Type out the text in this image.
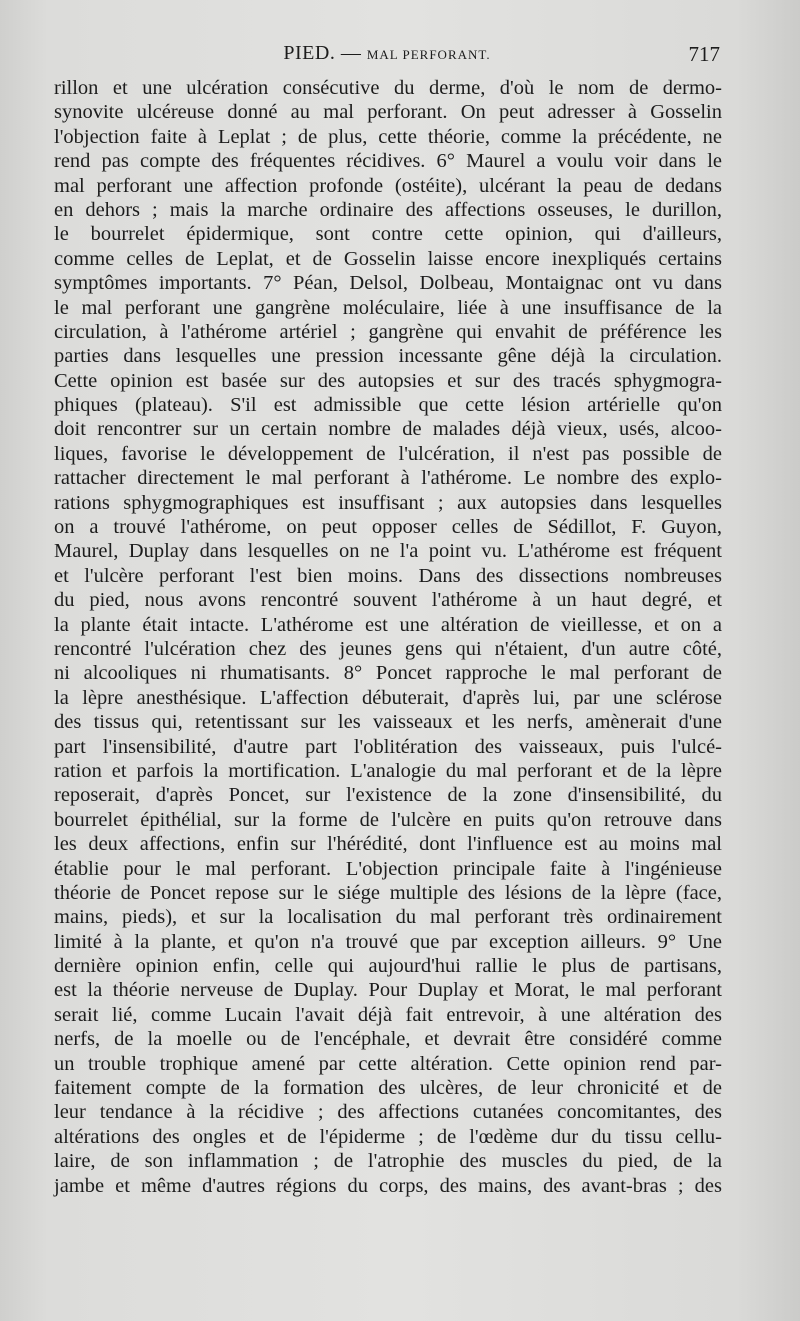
PIED. — MAL PERFORANT.	717
rillon et une ulcération consécutive du derme, d'où le nom de dermo-
synovite ulcéreuse donné au mal perforant. On peut adresser à Gosselin
l'objection faite à Leplat ; de plus, cette théorie, comme la précédente, ne
rend pas compte des fréquentes récidives. 6° Maurel a voulu voir dans le
mal perforant une affection profonde (ostéite), ulcérant la peau de dedans
en dehors ; mais la marche ordinaire des affections osseuses, le durillon,
le bourrelet épidermique, sont contre cette opinion, qui d'ailleurs,
comme celles de Leplat, et de Gosselin laisse encore inexpliqués certains
symptômes importants. 7° Péan, Delsol, Dolbeau, Montaignac ont vu dans
le mal perforant une gangrène moléculaire, liée à une insuffisance de la
circulation, à l'athérome artériel ; gangrène qui envahit de préférence les
parties dans lesquelles une pression incessante gêne déjà la circulation.
Cette opinion est basée sur des autopsies et sur des tracés sphygmogra-
phiques (plateau). S'il est admissible que cette lésion artérielle qu'on
doit rencontrer sur un certain nombre de malades déjà vieux, usés, alcoo-
liques, favorise le développement de l'ulcération, il n'est pas possible de
rattacher directement le mal perforant à l'athérome. Le nombre des explo-
rations sphygmographiques est insuffisant ; aux autopsies dans lesquelles
on a trouvé l'athérome, on peut opposer celles de Sédillot, F. Guyon,
Maurel, Duplay dans lesquelles on ne l'a point vu. L'athérome est fréquent
et l'ulcère perforant l'est bien moins. Dans des dissections nombreuses
du pied, nous avons rencontré souvent l'athérome à un haut degré, et
la plante était intacte. L'athérome est une altération de vieillesse, et on a
rencontré l'ulcération chez des jeunes gens qui n'étaient, d'un autre côté,
ni alcooliques ni rhumatisants. 8° Poncet rapproche le mal perforant de
la lèpre anesthésique. L'affection débuterait, d'après lui, par une sclérose
des tissus qui, retentissant sur les vaisseaux et les nerfs, amènerait d'une
part l'insensibilité, d'autre part l'oblitération des vaisseaux, puis l'ulcé-
ration et parfois la mortification. L'analogie du mal perforant et de la lèpre
reposerait, d'après Poncet, sur l'existence de la zone d'insensibilité, du
bourrelet épithélial, sur la forme de l'ulcère en puits qu'on retrouve dans
les deux affections, enfin sur l'hérédité, dont l'influence est au moins mal
établie pour le mal perforant. L'objection principale faite à l'ingénieuse
théorie de Poncet repose sur le siége multiple des lésions de la lèpre (face,
mains, pieds), et sur la localisation du mal perforant très ordinairement
limité à la plante, et qu'on n'a trouvé que par exception ailleurs. 9° Une
dernière opinion enfin, celle qui aujourd'hui rallie le plus de partisans,
est la théorie nerveuse de Duplay. Pour Duplay et Morat, le mal perforant
serait lié, comme Lucain l'avait déjà fait entrevoir, à une altération des
nerfs, de la moelle ou de l'encéphale, et devrait être considéré comme
un trouble trophique amené par cette altération. Cette opinion rend par-
faitement compte de la formation des ulcères, de leur chronicité et de
leur tendance à la récidive ; des affections cutanées concomitantes, des
altérations des ongles et de l'épiderme ; de l'œdème dur du tissu cellu-
laire, de son inflammation ; de l'atrophie des muscles du pied, de la
jambe et même d'autres régions du corps, des mains, des avant-bras ; des
